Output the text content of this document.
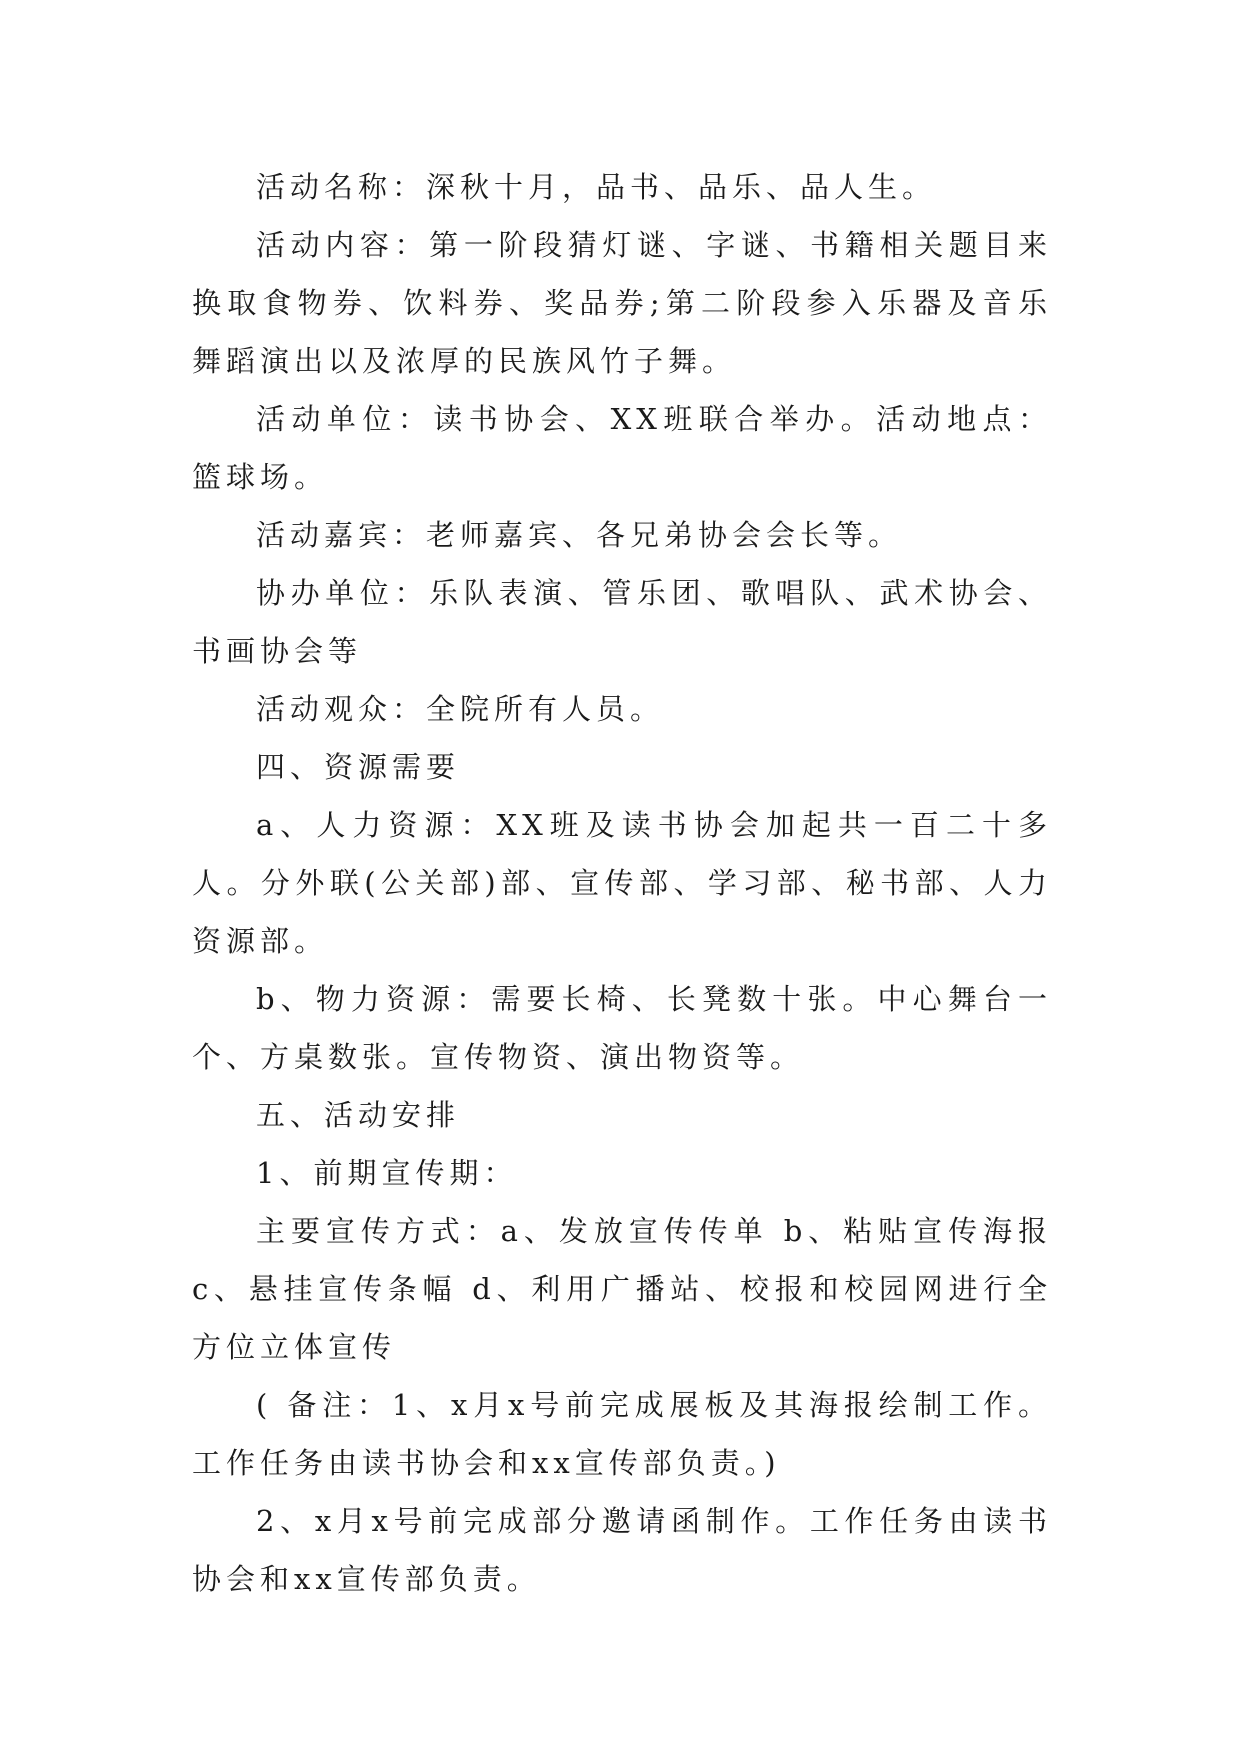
活动名称：深秋十月，品书、品乐、品人生。

活动内容：第一阶段猜灯谜、字谜、书籍相关题目来换取食物券、饮料券、奖品券;第二阶段参入乐器及音乐舞蹈演出以及浓厚的民族风竹子舞。

活动单位：读书协会、XX班联合举办。活动地点：篮球场。

活动嘉宾：老师嘉宾、各兄弟协会会长等。

协办单位：乐队表演、管乐团、歌唱队、武术协会、书画协会等

活动观众：全院所有人员。

四、资源需要

a、人力资源：XX班及读书协会加起共一百二十多人。分外联(公关部)部、宣传部、学习部、秘书部、人力资源部。

b、物力资源：需要长椅、长凳数十张。中心舞台一个、方桌数张。宣传物资、演出物资等。

五、活动安排

1、前期宣传期：

主要宣传方式：a、发放宣传传单 b、粘贴宣传海报 c、悬挂宣传条幅 d、利用广播站、校报和校园网进行全方位立体宣传

( 备注：1、x月x号前完成展板及其海报绘制工作。工作任务由读书协会和xx宣传部负责。)

2、x月x号前完成部分邀请函制作。工作任务由读书协会和xx宣传部负责。
